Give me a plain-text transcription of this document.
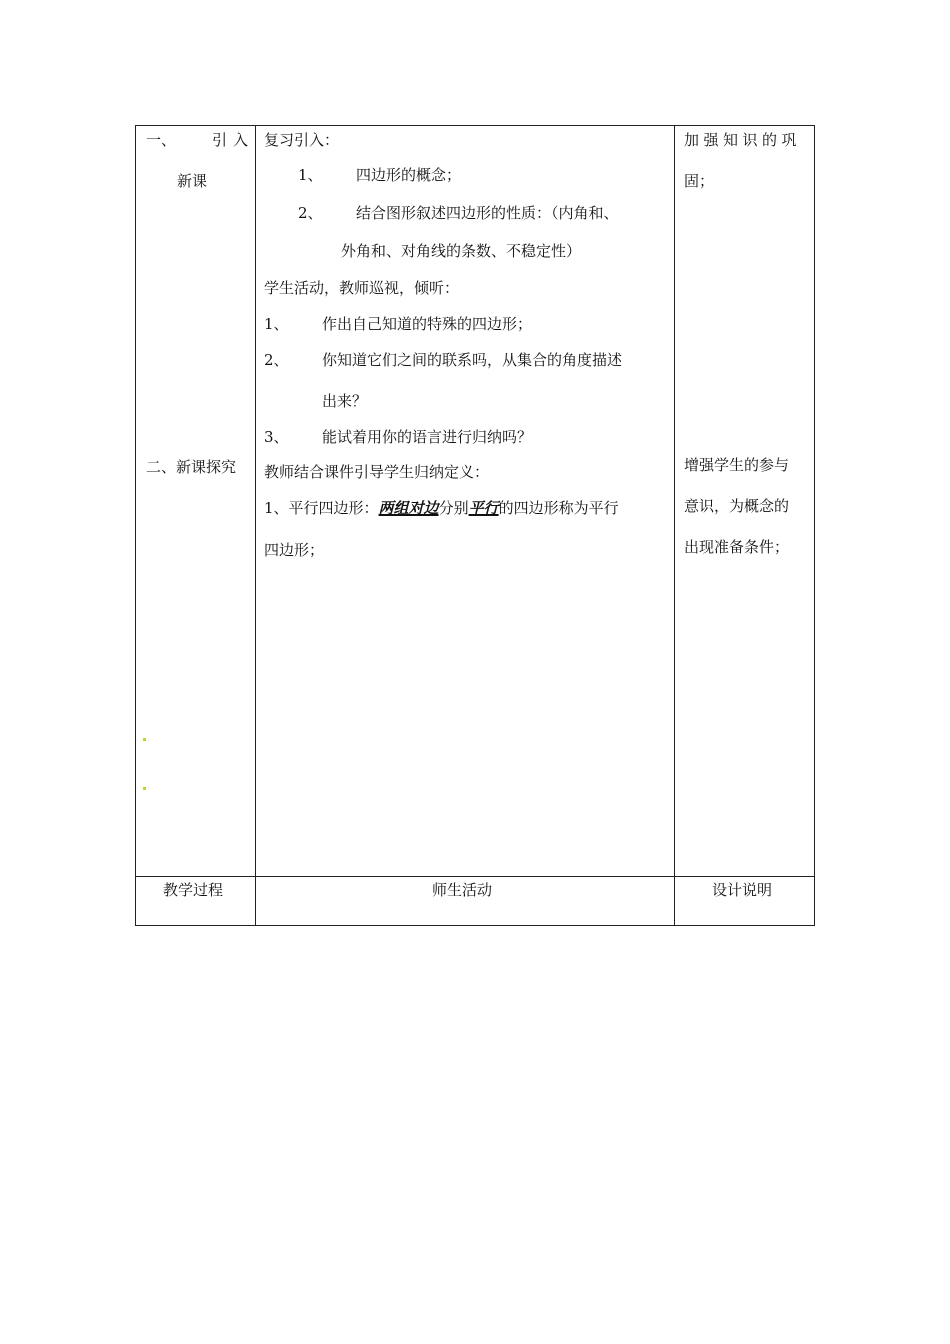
一、 引入
新课
二、新课探究
复习引入：
1、 四边形的概念；
2、 结合图形叙述四边形的性质：（内角和、
外角和、对角线的条数、不稳定性）
学生活动，教师巡视，倾听：
1、 作出自己知道的特殊的四边形；
2、 你知道它们之间的联系吗，从集合的角度描述
出来？
3、 能试着用你的语言进行归纳吗？
教师结合课件引导学生归纳定义：
1、平行四边形：两组对边分别平行的四边形称为平行
四边形；
加强知识的巩
固；
增强学生的参与
意识，为概念的
出现准备条件；
教学过程	师生活动	设计说明
